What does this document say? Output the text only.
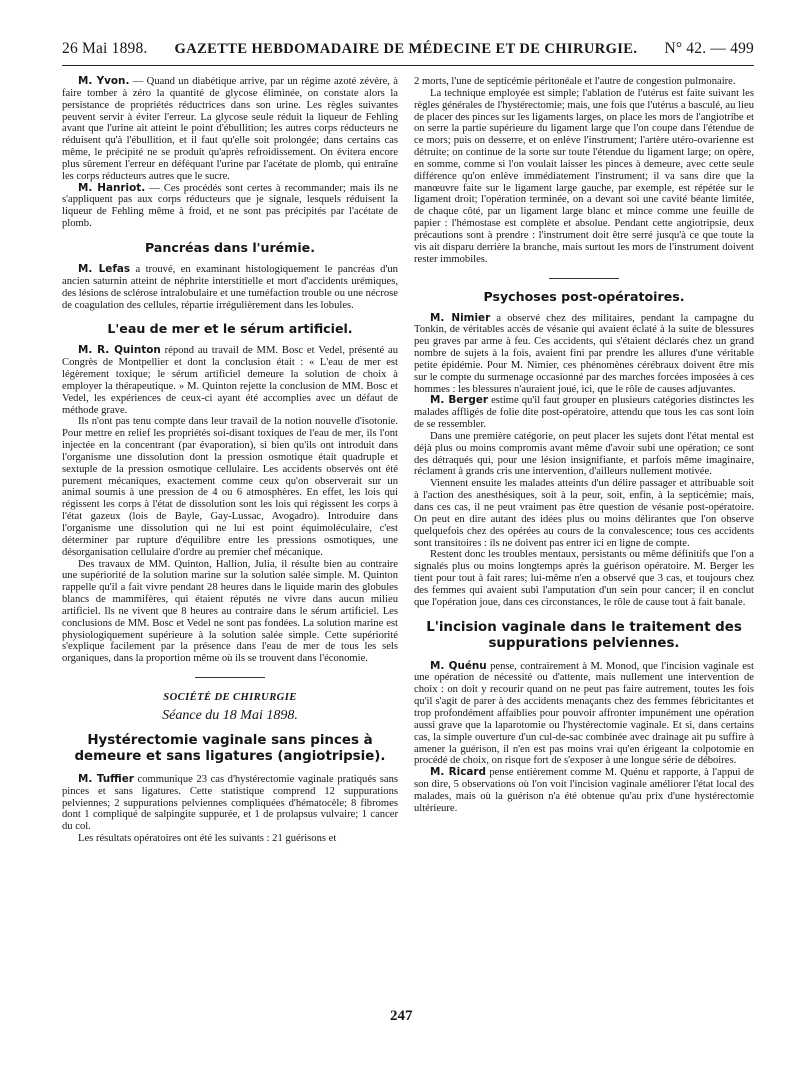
26 Mai 1898. GAZETTE HEBDOMADAIRE DE MÉDECINE ET DE CHIRURGIE. N° 42. — 499

M. Yvon. — Quand un diabétique arrive, par un régime azoté zévère, à faire tomber à zéro la quantité de glycose éliminée, on constate alors la persistance de propriétés réductrices dans son urine. Les règles suivantes peuvent servir à éviter l'erreur. La glycose seule réduit la liqueur de Fehling avant que l'urine ait atteint le point d'ébullition; les autres corps réducteurs ne réduisent qu'à l'ébullition, et il faut qu'elle soit prolongée; dans certains cas même, le précipité ne se produit qu'après refroidissement. On évitera encore plus sûrement l'erreur en déféquant l'urine par l'acétate de plomb, qui entraîne les corps réducteurs autres que le sucre.

M. Hanriot. — Ces procédés sont certes à recommander; mais ils ne s'appliquent pas aux corps réducteurs que je signale, lesquels réduisent la liqueur de Fehling même à froid, et ne sont pas précipités par l'acétate de plomb.

Pancréas dans l'urémie.

M. Lefas a trouvé, en examinant histologiquement le pancréas d'un ancien saturnin atteint de néphrite interstitielle et mort d'accidents urémiques, des lésions de sclérose intralobulaire et une tuméfaction trouble ou une nécrose de coagulation des cellules, répartie irrégulièrement dans les lobules.

L'eau de mer et le sérum artificiel.

M. R. Quinton répond au travail de MM. Bosc et Vedel, présenté au Congrès de Montpellier et dont la conclusion était : « L'eau de mer est légèrement toxique; le sérum artificiel demeure la solution de choix à employer la thérapeutique. » M. Quinton rejette la conclusion de MM. Bosc et Vedel, les expériences de ceux-ci ayant été accomplies avec un défaut de méthode grave.

Ils n'ont pas tenu compte dans leur travail de la notion nouvelle d'isotonie. Pour mettre en relief les propriétés soi-disant toxiques de l'eau de mer, ils l'ont injectée en la concentrant (par évaporation), si bien qu'ils ont introduit dans l'organisme une dissolution dont la pression osmotique était quadruple et sextuple de la pression osmotique cellulaire. Les accidents observés ont été purement mécaniques, exactement comme ceux qu'on observerait sur un animal soumis à une pression de 4 ou 6 atmosphères. En effet, les lois qui régissent les corps à l'état de dissolution sont les lois qui régissent les corps à l'état gazeux (lois de Bayle, Gay-Lussac, Avogadro). Introduire dans l'organisme une dissolution qui ne lui est point équimoléculaire, c'est déterminer par rupture d'équilibre entre les pressions osmotiques, une désorganisation cellulaire d'ordre au premier chef mécanique.

Des travaux de MM. Quinton, Hallion, Julia, il résulte bien au contraire une supériorité de la solution marine sur la solution salée simple. M. Quinton rappelle qu'il a fait vivre pendant 28 heures dans le liquide marin des globules blancs de mammifères, qui étaient réputés ne vivre dans aucun milieu artificiel. Ils ne vivent que 8 heures au contraire dans le sérum artificiel. Les conclusions de MM. Bosc et Vedel ne sont pas fondées. La solution marine est physiologiquement supérieure à la solution salée simple. Cette supériorité s'explique facilement par la présence dans l'eau de mer de tous les sels organiques, dans la proportion même où ils se trouvent dans l'économie.

SOCIÉTÉ DE CHIRURGIE
Séance du 18 Mai 1898.
Hystérectomie vaginale sans pinces à demeure et sans ligatures (angiotripsie).

M. Tuffier communique 23 cas d'hystérectomie vaginale pratiqués sans pinces et sans ligatures. Cette statistique comprend 12 suppurations pelviennes; 2 suppurations pelviennes compliquées d'hématocèle; 8 fibromes dont 1 compliqué de salpingite suppurée, et 1 de prolapsus vulvaire; 1 cancer du col.

Les résultats opératoires ont été les suivants : 21 guérisons et

2 morts, l'une de septicémie péritonéale et l'autre de congestion pulmonaire.

La technique employée est simple; l'ablation de l'utérus est faite suivant les règles générales de l'hystérectomie; mais, une fois que l'utérus a basculé, au lieu de placer des pinces sur les ligaments larges, on place les mors de l'angiotribe et on serre la partie supérieure du ligament large que l'on coupe dans l'étendue de ce mors; puis on desserre, et on enlève l'instrument; l'artère utéro-ovarienne est détruite; on continue de la sorte sur toute l'étendue du ligament large; on opère, en somme, comme si l'on voulait laisser les pinces à demeure, avec cette seule différence qu'on enlève immédiatement l'instrument; il va sans dire que la manœuvre faite sur le ligament large gauche, par exemple, est répétée sur le ligament droit; l'opération terminée, on a devant soi une cavité béante limitée, de chaque côté, par un ligament large blanc et mince comme une feuille de papier : l'hémostase est complète et absolue. Pendant cette angiotripsie, deux précautions sont à prendre : l'instrument doit être serré jusqu'à ce que toute la vis ait disparu derrière la branche, mais surtout les mors de l'instrument doivent rester immobiles.

Psychoses post-opératoires.

M. Nimier a observé chez des militaires, pendant la campagne du Tonkin, de véritables accès de vésanie qui avaient éclaté à la suite de blessures peu graves par arme à feu. Ces accidents, qui s'étaient déclarés chez un grand nombre de sujets à la fois, avaient fini par prendre les allures d'une véritable petite épidémie. Pour M. Nimier, ces phénomènes cérébraux doivent être mis sur le compte du surmenage occasionné par des marches forcées imposées à ces hommes : les blessures n'auraient joué, ici, que le rôle de causes adjuvantes.

M. Berger estime qu'il faut grouper en plusieurs catégories distinctes les malades affligés de folie dite post-opératoire, attendu que tous les cas sont loin de se ressembler.

Dans une première catégorie, on peut placer les sujets dont l'état mental est déjà plus ou moins compromis avant même d'avoir subi une opération; ce sont des détraqués qui, pour une lésion insignifiante, et parfois même imaginaire, réclament à grands cris une intervention, d'ailleurs nullement motivée.

Viennent ensuite les malades atteints d'un délire passager et attribuable soit à l'action des anesthésiques, soit à la peur, soit, enfin, à la septicémie; mais, dans ces cas, il ne peut vraiment pas être question de vésanie post-opératoire. On peut en dire autant des idées plus ou moins délirantes que l'on observe quelquefois chez des opérées au cours de la convalescence; tous ces accidents sont transitoires : ils ne doivent pas entrer ici en ligne de compte.

Restent donc les troubles mentaux, persistants ou même définitifs que l'on a signalés plus ou moins longtemps après la guérison opératoire. M. Berger les tient pour tout à fait rares; lui-même n'en a observé que 3 cas, et toujours chez des femmes qui avaient subi l'amputation d'un sein pour cancer; il en conclut que l'opération joue, dans ces circonstances, le rôle de cause tout à fait banale.

L'incision vaginale dans le traitement des suppurations pelviennes.

M. Quénu pense, contrairement à M. Monod, que l'incision vaginale est une opération de nécessité ou d'attente, mais nullement une intervention de choix : on doit y recourir quand on ne peut pas faire autrement, toutes les fois qu'il s'agit de parer à des accidents menaçants chez des femmes fébricitantes et trop profondément affaiblies pour pouvoir affronter impunément une opération aussi grave que la laparotomie ou l'hystérectomie vaginale. Et si, dans certains cas, la simple ouverture d'un cul-de-sac combinée avec drainage ait pu suffire à amener la guérison, il n'en est pas moins vrai qu'en érigeant la colpotomie en procédé de choix, on risque fort de s'exposer à une longue série de déboires.

M. Ricard pense entièrement comme M. Quénu et rapporte, à l'appui de son dire, 5 observations où l'on voit l'incision vaginale améliorer l'état local des malades, mais où la guérison n'a été obtenue qu'au prix d'une hystérectomie ultérieure.

247
